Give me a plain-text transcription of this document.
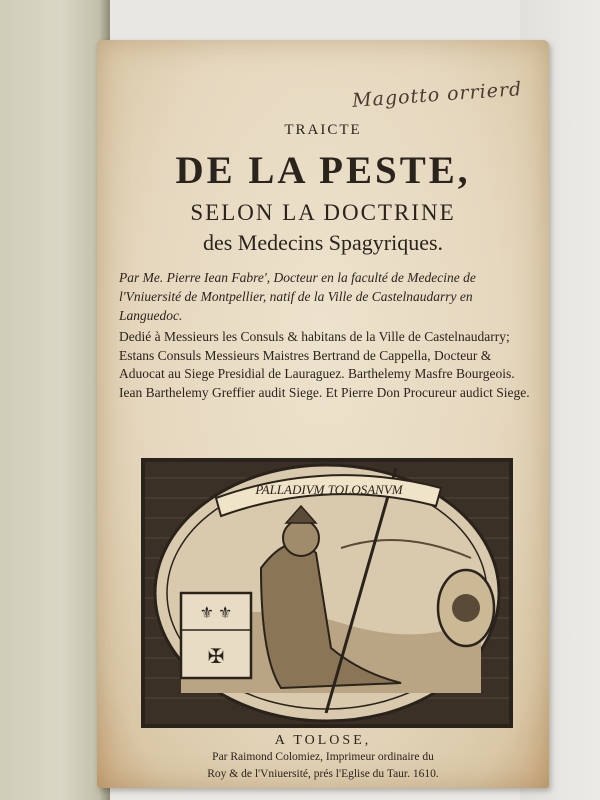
Magotto orrierd
TRAICTE
DE LA PESTE,
SELON LA DOCTRINE
des Medecins Spagyriques.
Par Me. Pierre Iean Fabre', Docteur en la faculté de Medecine de l'Vniuersité de Montpellier, natif de la Ville de Castelnaudarry en Languedoc.
Dedié à Messieurs les Consuls & habitans de la Ville de Castelnaudarry; Estans Consuls Messieurs Maistres Bertrand de Cappella, Docteur & Aduocat au Siege Presidial de Lauraguez. Barthelemy Masfre Bourgeois. Iean Barthelemy Greffier audit Siege. Et Pierre Don Procureur audict Siege.
⚜ ⚜
✠
PALLADIVM TOLOSANVM
A TOLOSE,
Par Raimond Colomiez, Imprimeur ordinaire du
Roy & de l'Vniuersité, prés l'Eglise du Taur. 1610.
